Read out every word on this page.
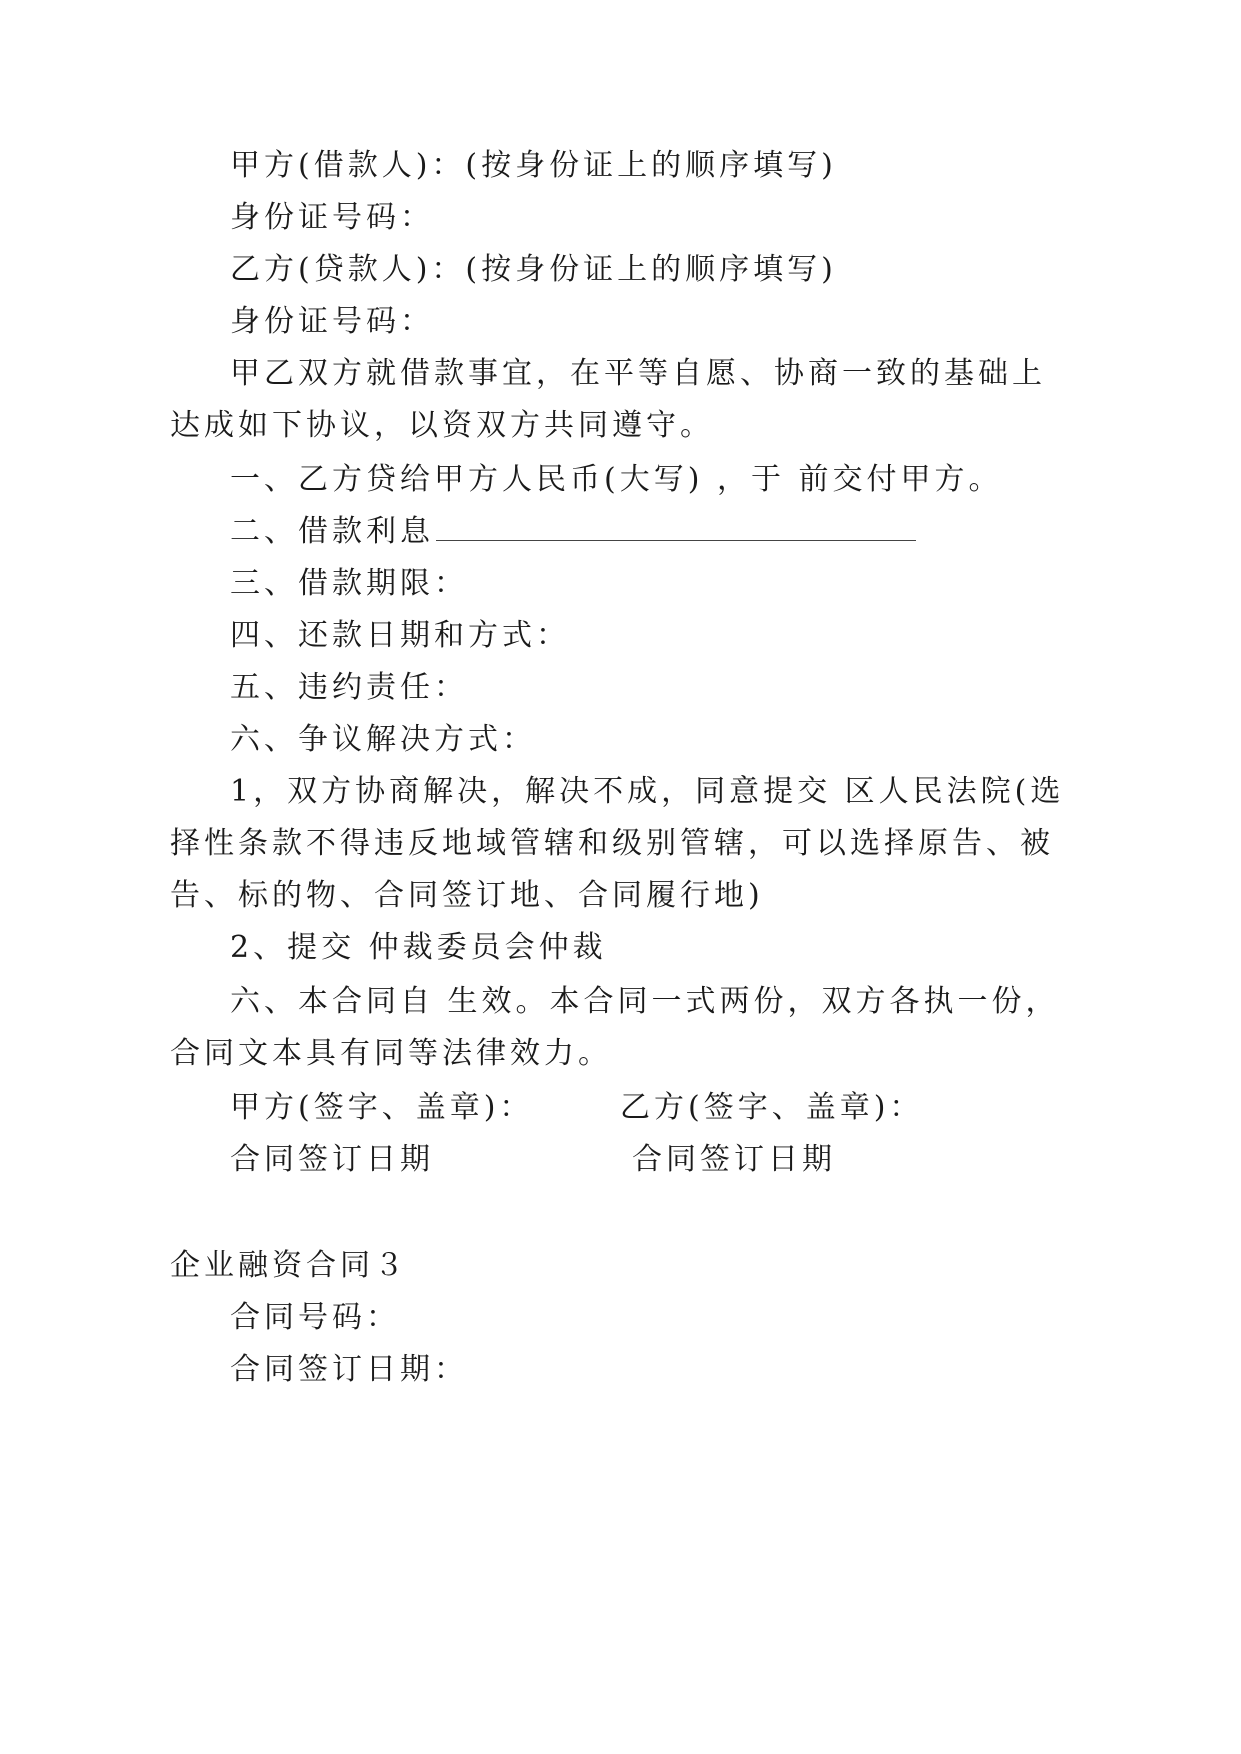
甲方(借款人)：(按身份证上的顺序填写)
身份证号码：
乙方(贷款人)：(按身份证上的顺序填写)
身份证号码：
甲乙双方就借款事宜，在平等自愿、协商一致的基础上
达成如下协议，以资双方共同遵守。
一、乙方贷给甲方人民币(大写) ，于 前交付甲方。
二、借款利息
三、借款期限：
四、还款日期和方式：
五、违约责任：
六、争议解决方式：
1，双方协商解决，解决不成，同意提交 区人民法院(选
择性条款不得违反地域管辖和级别管辖，可以选择原告、被
告、标的物、合同签订地、合同履行地)
2、提交 仲裁委员会仲裁
六、本合同自 生效。本合同一式两份，双方各执一份，
合同文本具有同等法律效力。
甲方(签字、盖章)：	乙方(签字、盖章)：
合同签订日期	合同签订日期
企业融资合同３
合同号码：
合同签订日期：
